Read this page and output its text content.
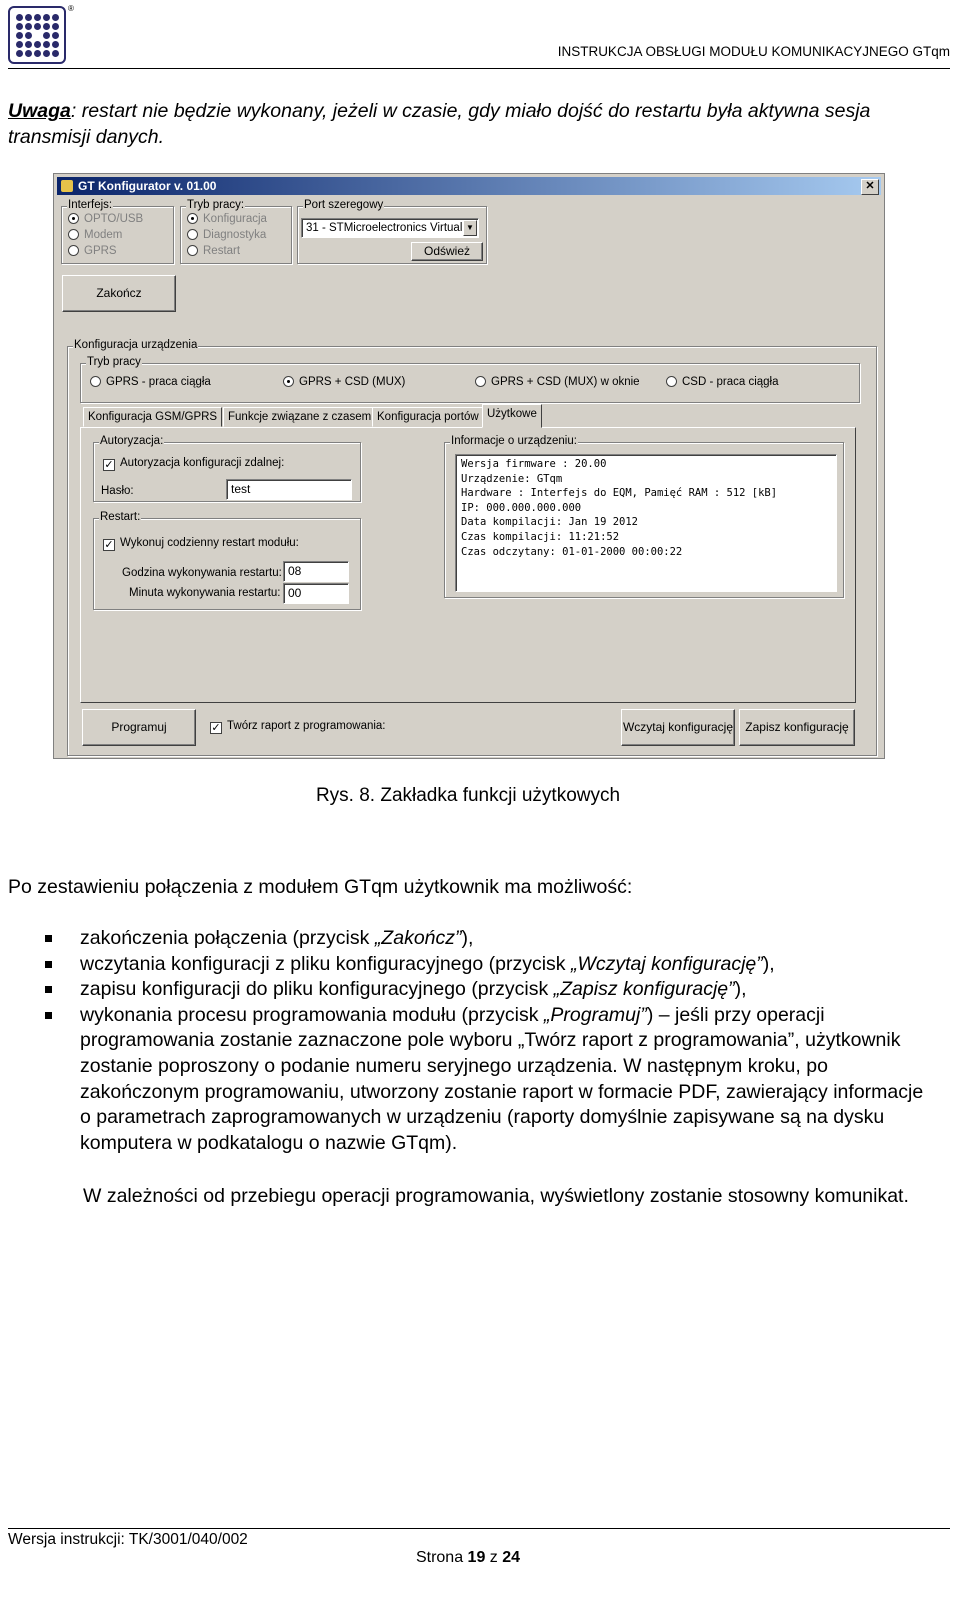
®
INSTRUKCJA OBSŁUGI MODUŁU KOMUNIKACYJNEGO GTqm
Uwaga: restart nie będzie wykonany, jeżeli w czasie, gdy miało dojść do restartu była aktywna sesja transmisji danych.
GT Konfigurator v. 01.00	✕
Interfejs:
OPTO/USB
Modem
GPRS
Tryb pracy:
Konfiguracja
Diagnostyka
Restart
Port szeregowy
31 - STMicroelectronics Virtual ▼
Odśwież
Zakończ
Konfiguracja urządzenia
Tryb pracy
GPRS - praca ciągła	GPRS + CSD (MUX)	GPRS + CSD (MUX) w oknie	CSD - praca ciągła
Konfiguracja GSM/GPRS Funkcje związane z czasem Konfiguracja portów Użytkowe
Autoryzacja:
✓ Autoryzacja konfiguracji zdalnej:
Hasło:	test
Restart:
✓ Wykonuj codzienny restart modułu:
Godzina wykonywania restartu: 08
Minuta wykonywania restartu: 00
Informacje o urządzeniu:
Wersja firmware : 20.00
Urządzenie: GTqm
Hardware : Interfejs do EQM, Pamięć RAM : 512 [kB]
IP: 000.000.000.000
Data kompilacji: Jan 19 2012
Czas kompilacji: 11:21:52
Czas odczytany: 01-01-2000 00:00:22
Programuj	✓ Twórz raport z programowania:	Wczytaj konfigurację	Zapisz konfigurację
Rys. 8. Zakładka funkcji użytkowych
Po zestawieniu połączenia z modułem GTqm użytkownik ma możliwość:
zakończenia połączenia (przycisk „Zakończ”),
wczytania konfiguracji z pliku konfiguracyjnego (przycisk „Wczytaj konfigurację”),
zapisu konfiguracji do pliku konfiguracyjnego (przycisk „Zapisz konfigurację”),
wykonania procesu programowania modułu (przycisk „Programuj”) – jeśli przy operacji programowania zostanie zaznaczone pole wyboru „Twórz raport z programowania”, użytkownik zostanie poproszony o podanie numeru seryjnego urządzenia. W następnym kroku, po zakończonym programowaniu, utworzony zostanie raport w formacie PDF, zawierający informacje o parametrach zaprogramowanych w urządzeniu (raporty domyślnie zapisywane są na dysku komputera w podkatalogu o nazwie GTqm).
W zależności od przebiegu operacji programowania, wyświetlony zostanie stosowny komunikat.
Wersja instrukcji: TK/3001/040/002
Strona 19 z 24
